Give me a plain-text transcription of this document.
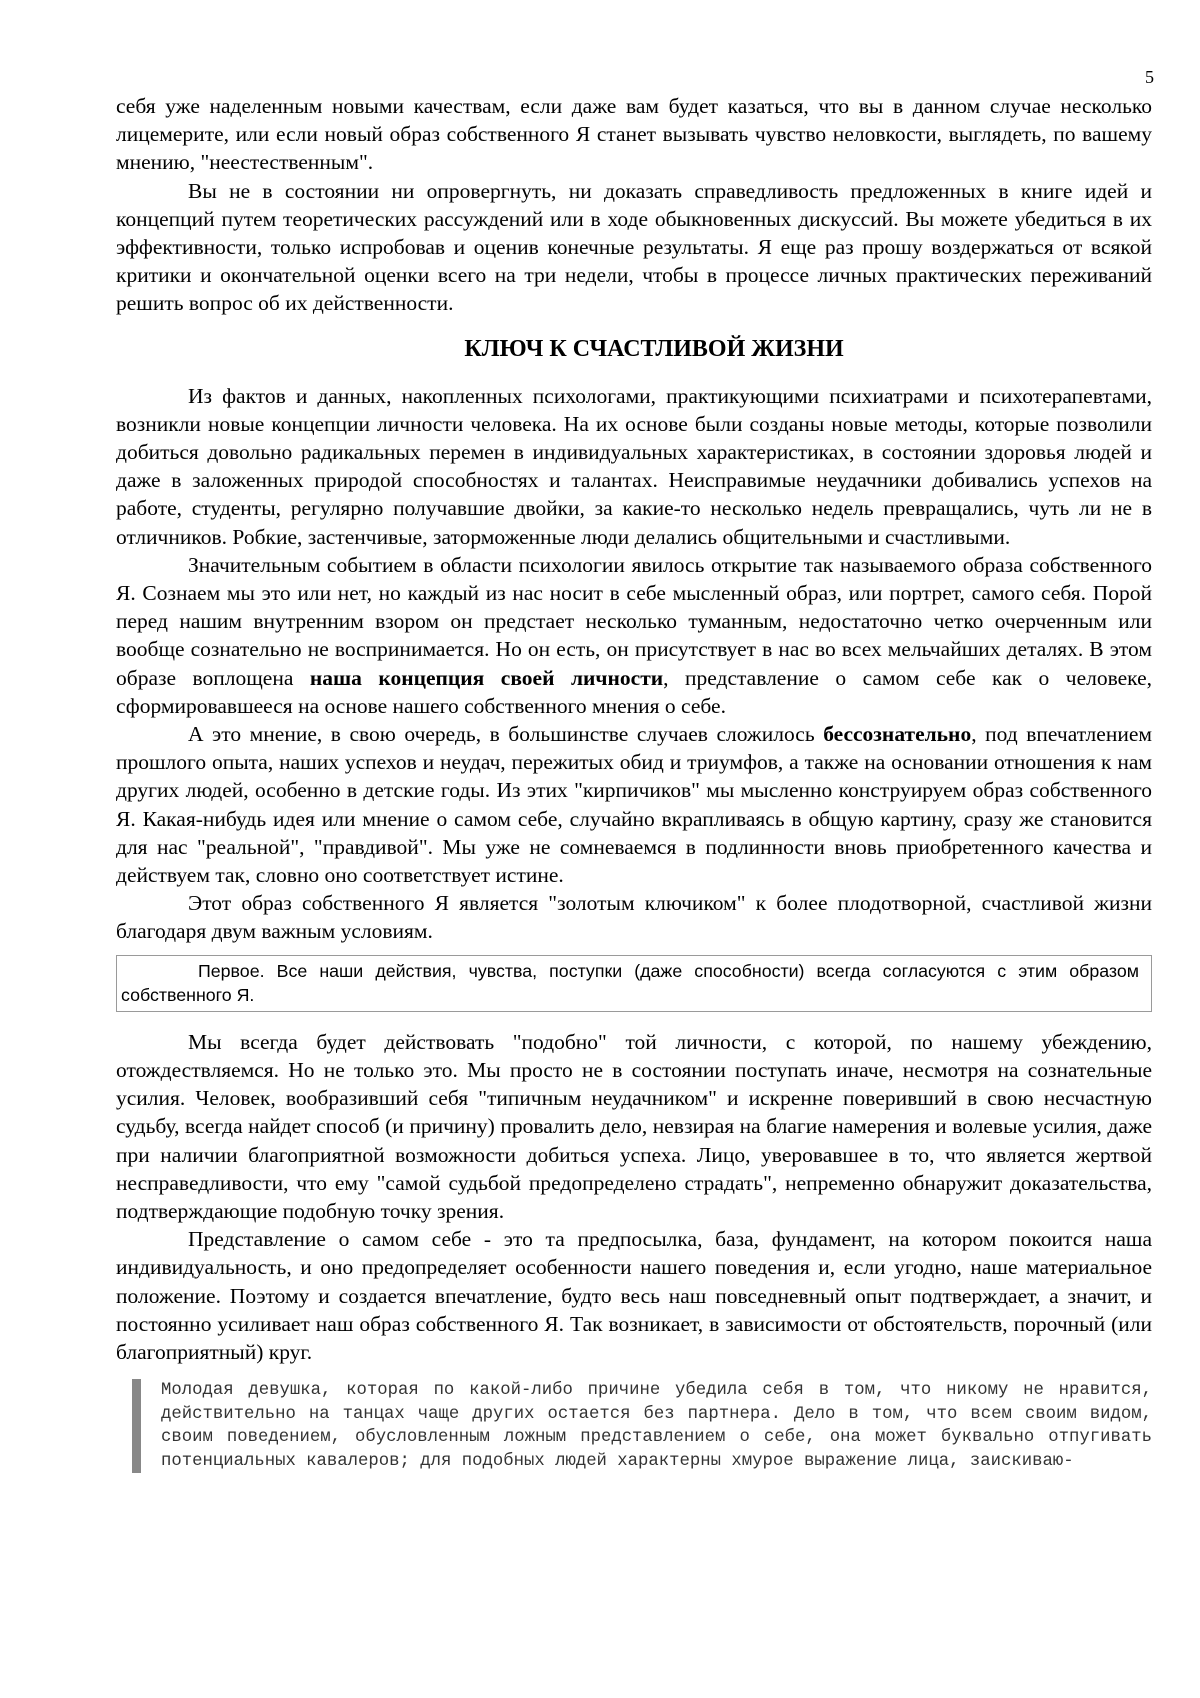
5

себя уже наделенным новыми качествам, если даже вам будет казаться, что вы в данном случае несколько лицемерите, или если новый образ собственного Я станет вызывать чувство неловкости, выглядеть, по вашему мнению, "неестественным".

Вы не в состоянии ни опровергнуть, ни доказать справедливость предложенных в книге идей и концепций путем теоретических рассуждений или в ходе обыкновенных дискуссий. Вы можете убедиться в их эффективности, только испробовав и оценив конечные результаты. Я еще раз прошу воздержаться от всякой критики и окончательной оценки всего на три недели, чтобы в процессе личных практических переживаний решить вопрос об их действенности.

КЛЮЧ К СЧАСТЛИВОЙ ЖИЗНИ

Из фактов и данных, накопленных психологами, практикующими психиатрами и психотерапевтами, возникли новые концепции личности человека. На их основе были созданы новые методы, которые позволили добиться довольно радикальных перемен в индивидуальных характеристиках, в состоянии здоровья людей и даже в заложенных природой способностях и талантах. Неисправимые неудачники добивались успехов на работе, студенты, регулярно получавшие двойки, за какие-то несколько недель превращались, чуть ли не в отличников. Робкие, застенчивые, заторможенные люди делались общительными и счастливыми.

Значительным событием в области психологии явилось открытие так называемого образа собственного Я. Сознаем мы это или нет, но каждый из нас носит в себе мысленный образ, или портрет, самого себя. Порой перед нашим внутренним взором он предстает несколько туманным, недостаточно четко очерченным или вообще сознательно не воспринимается. Но он есть, он присутствует в нас во всех мельчайших деталях. В этом образе воплощена наша концепция своей личности, представление о самом себе как о человеке, сформировавшееся на основе нашего собственного мнения о себе.

А это мнение, в свою очередь, в большинстве случаев сложилось бессознательно, под впечатлением прошлого опыта, наших успехов и неудач, пережитых обид и триумфов, а также на основании отношения к нам других людей, особенно в детские годы. Из этих "кирпичиков" мы мысленно конструируем образ собственного Я. Какая-нибудь идея или мнение о самом себе, случайно вкрапливаясь в общую картину, сразу же становится для нас "реальной", "правдивой". Мы уже не сомневаемся в подлинности вновь приобретенного качества и действуем так, словно оно соответствует истине.

Этот образ собственного Я является "золотым ключиком" к более плодотворной, счастливой жизни благодаря двум важным условиям.

Первое. Все наши действия, чувства, поступки (даже способности) всегда согласуются с этим образом собственного Я.

Мы всегда будет действовать "подобно" той личности, с которой, по нашему убеждению, отождествляемся. Но не только это. Мы просто не в состоянии поступать иначе, несмотря на сознательные усилия. Человек, вообразивший себя "типичным неудачником" и искренне поверивший в свою несчастную судьбу, всегда найдет способ (и причину) провалить дело, невзирая на благие намерения и волевые усилия, даже при наличии благоприятной возможности добиться успеха. Лицо, уверовавшее в то, что является жертвой несправедливости, что ему "самой судьбой предопределено страдать", непременно обнаружит доказательства, подтверждающие подобную точку зрения.

Представление о самом себе - это та предпосылка, база, фундамент, на котором покоится наша индивидуальность, и оно предопределяет особенности нашего поведения и, если угодно, наше материальное положение. Поэтому и создается впечатление, будто весь наш повседневный опыт подтверждает, а значит, и постоянно усиливает наш образ собственного Я. Так возникает, в зависимости от обстоятельств, порочный (или благоприятный) круг.

Молодая девушка, которая по какой-либо причине убедила себя в том, что никому не нравится, действительно на танцах чаще других остается без партнера. Дело в том, что всем своим видом, своим поведением, обусловленным ложным представлением о себе, она может буквально отпугивать потенциальных кавалеров; для подобных людей характерны хмурое выражение лица, заискиваю-
